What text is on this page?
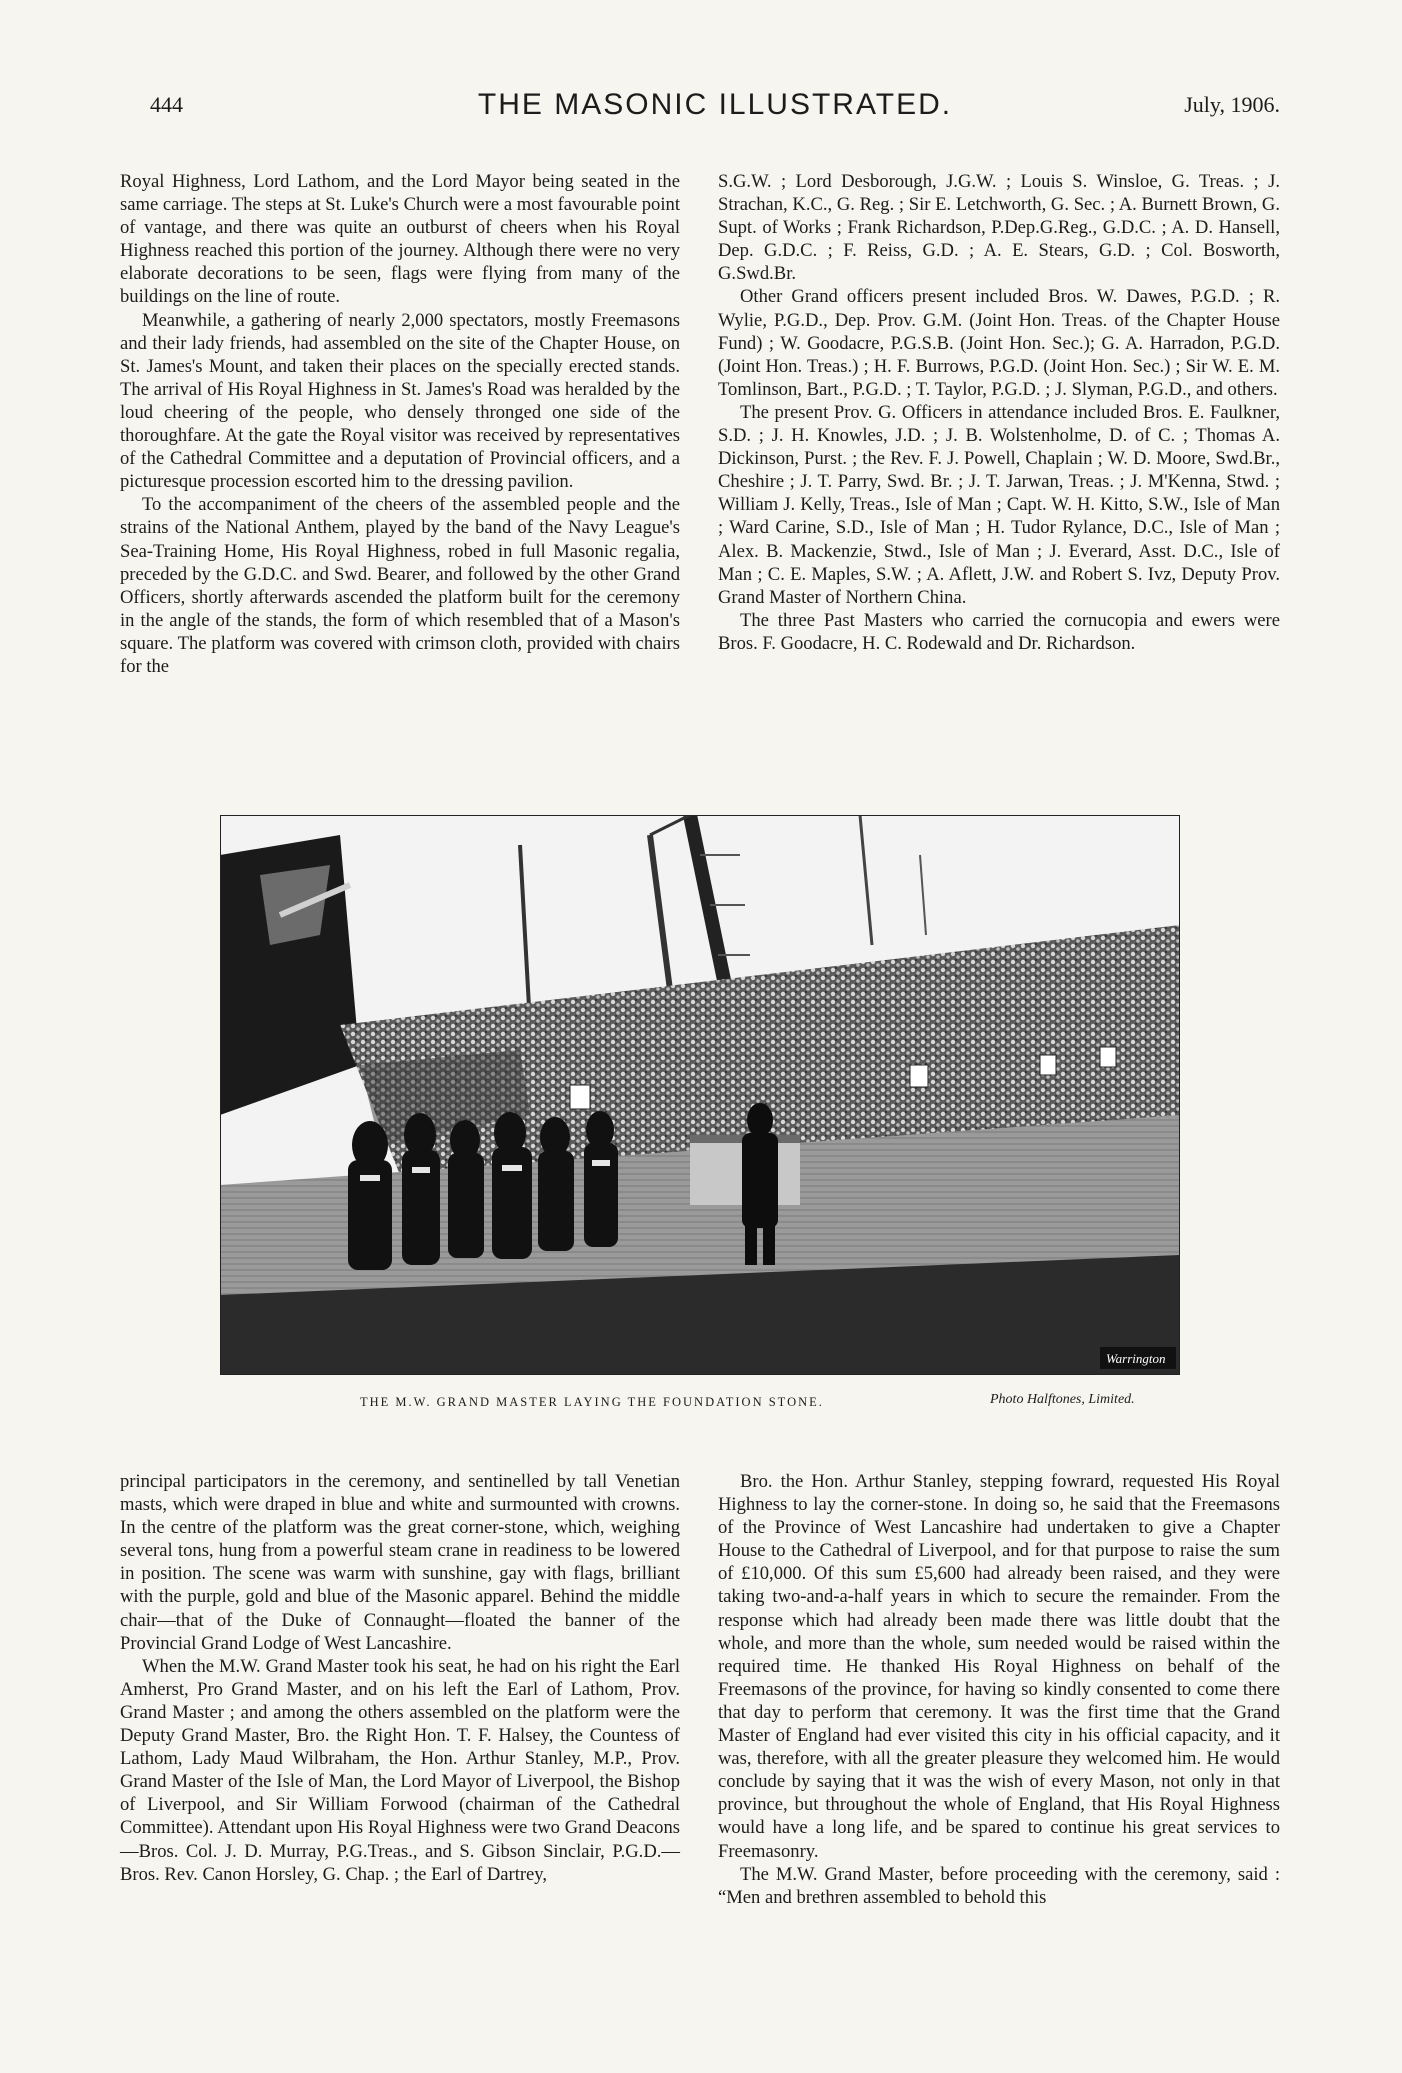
444	THE MASONIC ILLUSTRATED.	July, 1906.

Royal Highness, Lord Lathom, and the Lord Mayor being seated in the same carriage. The steps at St. Luke's Church were a most favourable point of vantage, and there was quite an outburst of cheers when his Royal Highness reached this portion of the journey. Although there were no very elaborate decorations to be seen, flags were flying from many of the buildings on the line of route.

Meanwhile, a gathering of nearly 2,000 spectators, mostly Freemasons and their lady friends, had assembled on the site of the Chapter House, on St. James's Mount, and taken their places on the specially erected stands. The arrival of His Royal Highness in St. James's Road was heralded by the loud cheering of the people, who densely thronged one side of the thoroughfare. At the gate the Royal visitor was received by representatives of the Cathedral Committee and a deputation of Provincial officers, and a picturesque procession escorted him to the dressing pavilion.

To the accompaniment of the cheers of the assembled people and the strains of the National Anthem, played by the band of the Navy League's Sea-Training Home, His Royal Highness, robed in full Masonic regalia, preceded by the G.D.C. and Swd. Bearer, and followed by the other Grand Officers, shortly afterwards ascended the platform built for the ceremony in the angle of the stands, the form of which resembled that of a Mason's square. The platform was covered with crimson cloth, provided with chairs for the

S.G.W. ; Lord Desborough, J.G.W. ; Louis S. Winsloe, G. Treas. ; J. Strachan, K.C., G. Reg. ; Sir E. Letchworth, G. Sec. ; A. Burnett Brown, G. Supt. of Works ; Frank Richardson, P.Dep.G.Reg., G.D.C. ; A. D. Hansell, Dep. G.D.C. ; F. Reiss, G.D. ; A. E. Stears, G.D. ; Col. Bosworth, G.Swd.Br.

Other Grand officers present included Bros. W. Dawes, P.G.D. ; R. Wylie, P.G.D., Dep. Prov. G.M. (Joint Hon. Treas. of the Chapter House Fund) ; W. Goodacre, P.G.S.B. (Joint Hon. Sec.); G. A. Harradon, P.G.D. (Joint Hon. Treas.) ; H. F. Burrows, P.G.D. (Joint Hon. Sec.) ; Sir W. E. M. Tomlinson, Bart., P.G.D. ; T. Taylor, P.G.D. ; J. Slyman, P.G.D., and others.

The present Prov. G. Officers in attendance included Bros. E. Faulkner, S.D. ; J. H. Knowles, J.D. ; J. B. Wolstenholme, D. of C. ; Thomas A. Dickinson, Purst. ; the Rev. F. J. Powell, Chaplain ; W. D. Moore, Swd.Br., Cheshire ; J. T. Parry, Swd. Br. ; J. T. Jarwan, Treas. ; J. M'Kenna, Stwd. ; William J. Kelly, Treas., Isle of Man ; Capt. W. H. Kitto, S.W., Isle of Man ; Ward Carine, S.D., Isle of Man ; H. Tudor Rylance, D.C., Isle of Man ; Alex. B. Mackenzie, Stwd., Isle of Man ; J. Everard, Asst. D.C., Isle of Man ; C. E. Maples, S.W. ; A. Aflett, J.W. and Robert S. Ivz, Deputy Prov. Grand Master of Northern China.

The three Past Masters who carried the cornucopia and ewers were Bros. F. Goodacre, H. C. Rodewald and Dr. Richardson.

Warrington
THE M.W. GRAND MASTER LAYING THE FOUNDATION STONE.	Photo Halftones, Limited.

principal participators in the ceremony, and sentinelled by tall Venetian masts, which were draped in blue and white and surmounted with crowns. In the centre of the platform was the great corner-stone, which, weighing several tons, hung from a powerful steam crane in readiness to be lowered in position. The scene was warm with sunshine, gay with flags, brilliant with the purple, gold and blue of the Masonic apparel. Behind the middle chair—that of the Duke of Connaught—floated the banner of the Provincial Grand Lodge of West Lancashire.

When the M.W. Grand Master took his seat, he had on his right the Earl Amherst, Pro Grand Master, and on his left the Earl of Lathom, Prov. Grand Master ; and among the others assembled on the platform were the Deputy Grand Master, Bro. the Right Hon. T. F. Halsey, the Countess of Lathom, Lady Maud Wilbraham, the Hon. Arthur Stanley, M.P., Prov. Grand Master of the Isle of Man, the Lord Mayor of Liverpool, the Bishop of Liverpool, and Sir William Forwood (chairman of the Cathedral Committee). Attendant upon His Royal Highness were two Grand Deacons—Bros. Col. J. D. Murray, P.G.Treas., and S. Gibson Sinclair, P.G.D.—Bros. Rev. Canon Horsley, G. Chap. ; the Earl of Dartrey,

Bro. the Hon. Arthur Stanley, stepping fowrard, requested His Royal Highness to lay the corner-stone. In doing so, he said that the Freemasons of the Province of West Lancashire had undertaken to give a Chapter House to the Cathedral of Liverpool, and for that purpose to raise the sum of £10,000. Of this sum £5,600 had already been raised, and they were taking two-and-a-half years in which to secure the remainder. From the response which had already been made there was little doubt that the whole, and more than the whole, sum needed would be raised within the required time. He thanked His Royal Highness on behalf of the Freemasons of the province, for having so kindly consented to come there that day to perform that ceremony. It was the first time that the Grand Master of England had ever visited this city in his official capacity, and it was, therefore, with all the greater pleasure they welcomed him. He would conclude by saying that it was the wish of every Mason, not only in that province, but throughout the whole of England, that His Royal Highness would have a long life, and be spared to continue his great services to Freemasonry.

The M.W. Grand Master, before proceeding with the ceremony, said : “Men and brethren assembled to behold this
